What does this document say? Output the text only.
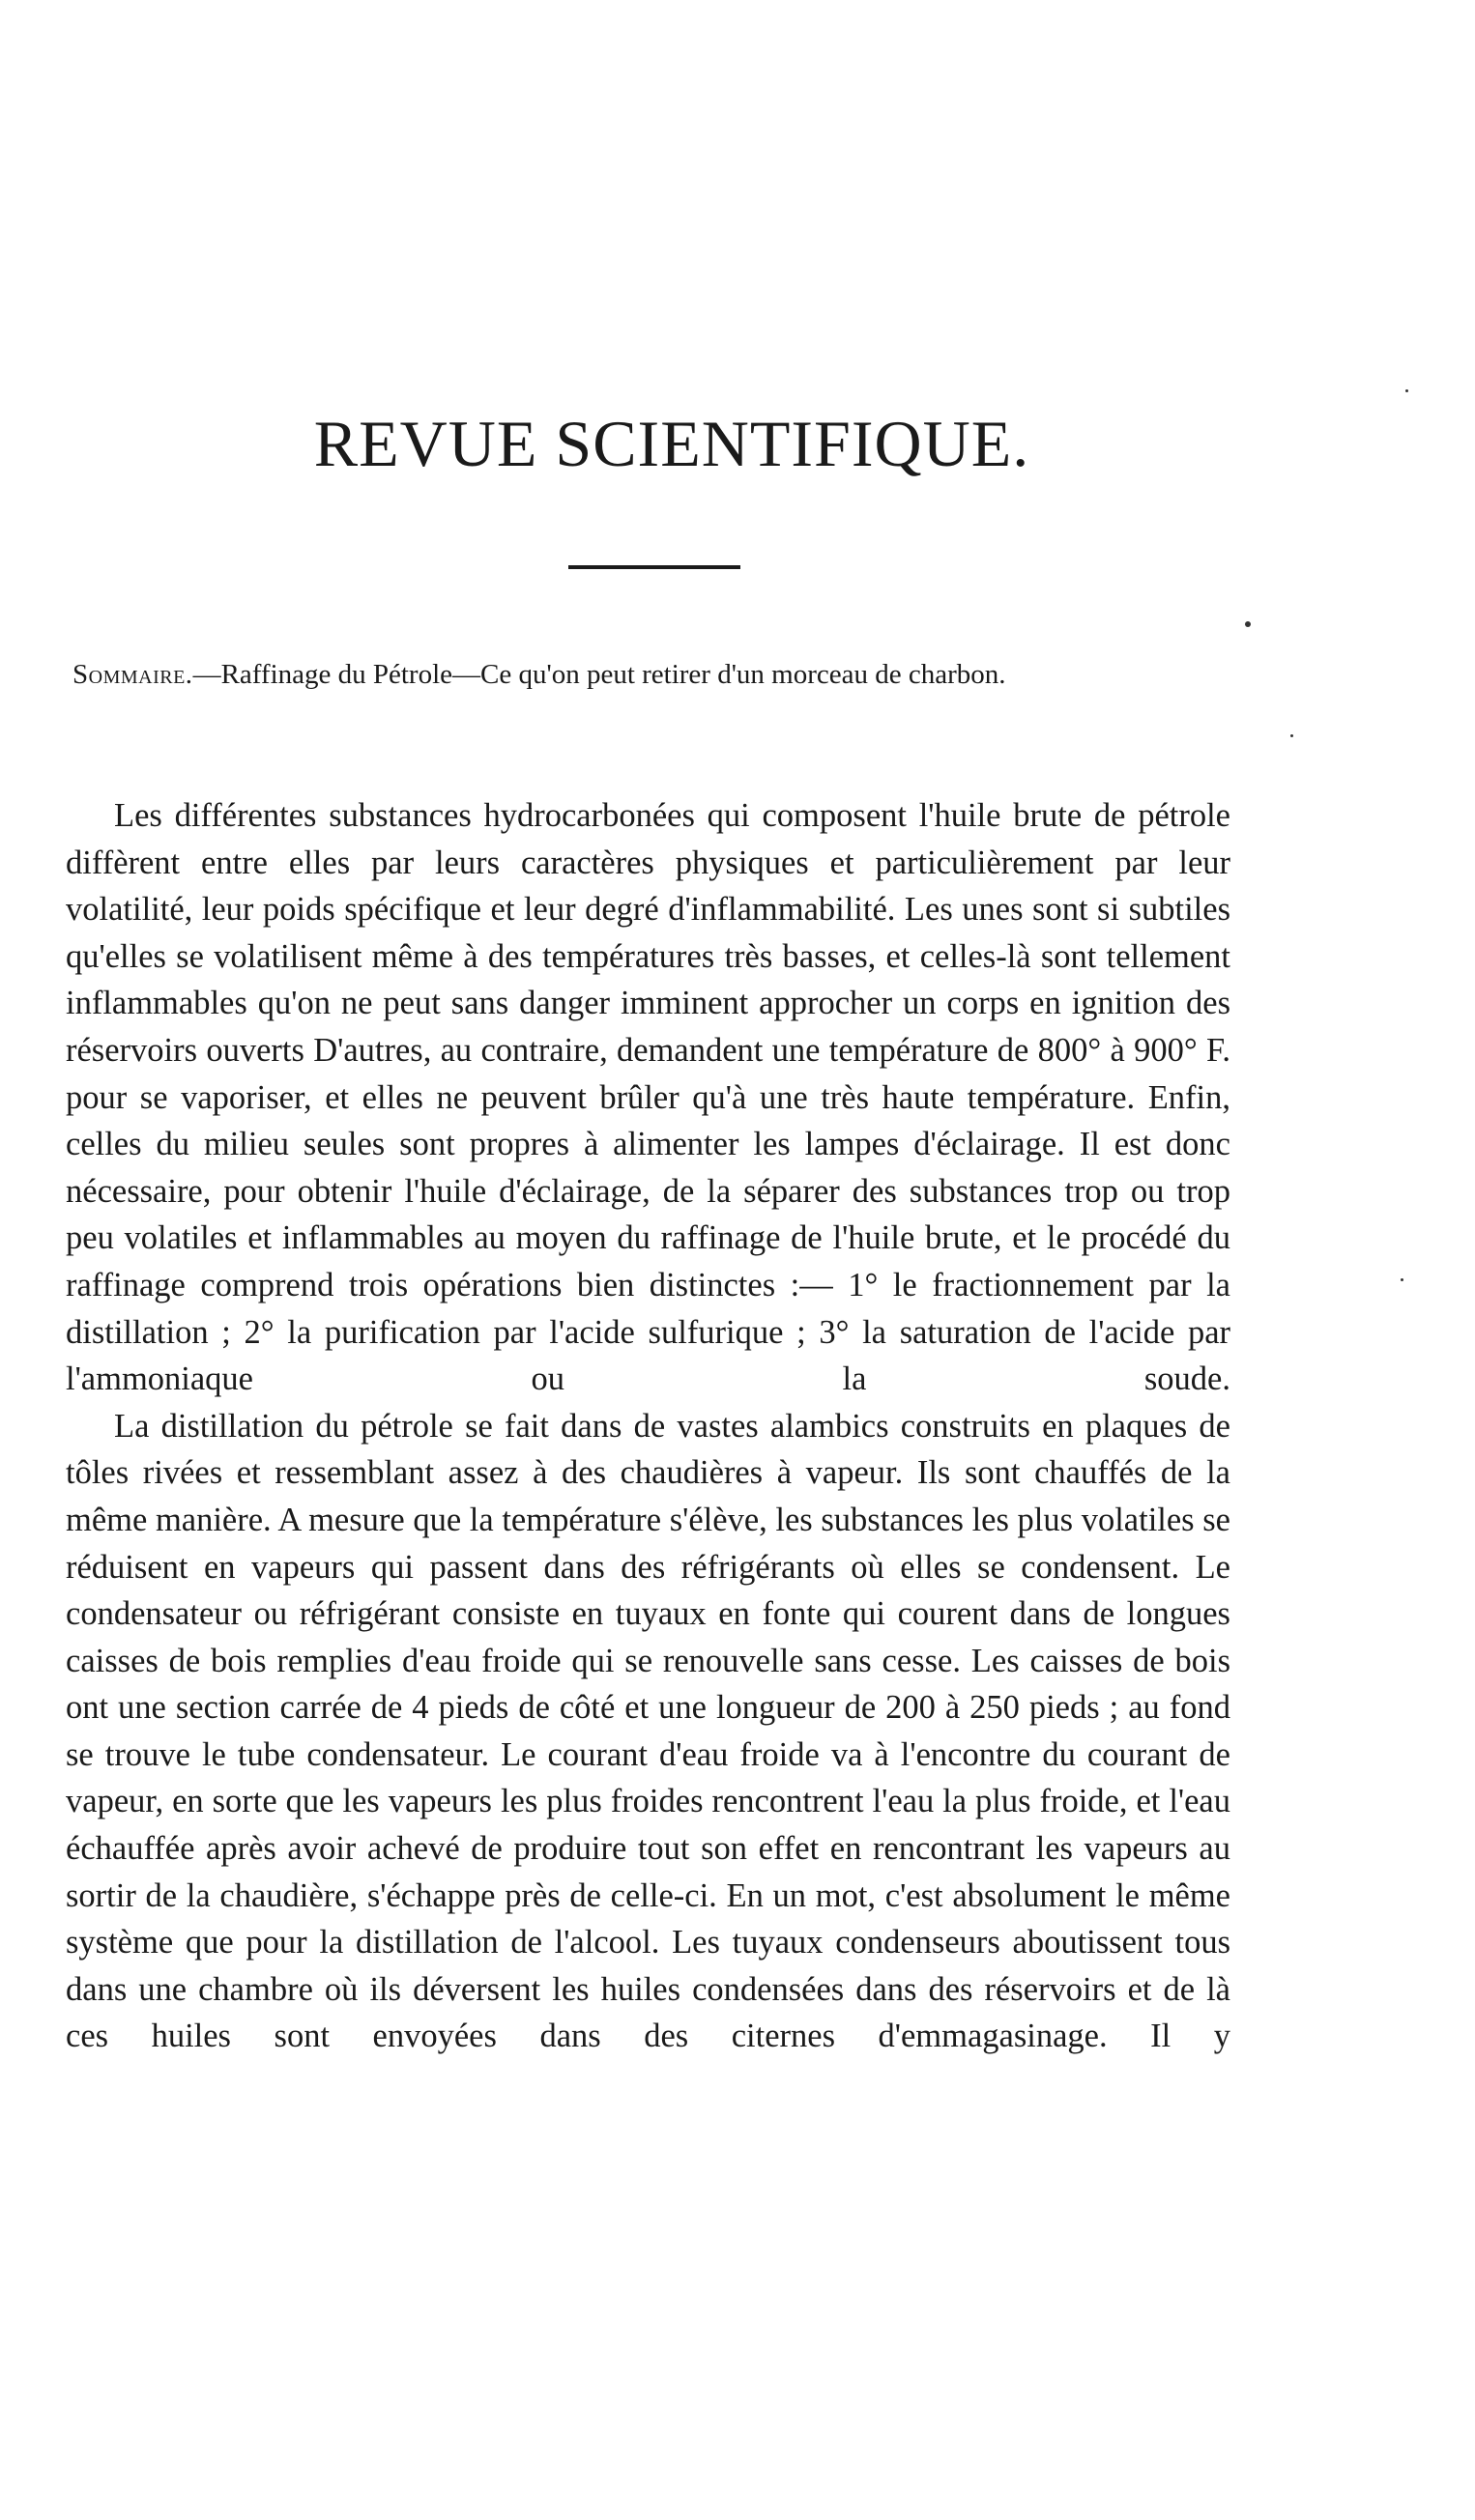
REVUE SCIENTIFIQUE.
Sommaire.—Raffinage du Pétrole—Ce qu'on peut retirer d'un morceau de charbon.

Les différentes substances hydrocarbonées qui composent l'huile brute de pétrole diffèrent entre elles par leurs caractères physiques et particulièrement par leur volatilité, leur poids spécifique et leur degré d'inflammabilité. Les unes sont si subtiles qu'elles se volatilisent même à des températures très basses, et celles-là sont tellement inflammables qu'on ne peut sans danger imminent approcher un corps en ignition des réservoirs ouverts D'autres, au contraire, demandent une température de 800° à 900° F. pour se vaporiser, et elles ne peuvent brûler qu'à une très haute température. Enfin, celles du milieu seules sont propres à alimenter les lampes d'éclairage. Il est donc nécessaire, pour obtenir l'huile d'éclairage, de la séparer des substances trop ou trop peu volatiles et inflammables au moyen du raffinage de l'huile brute, et le procédé du raffinage comprend trois opérations bien distinctes :— 1° le fractionnement par la distillation ; 2° la purification par l'acide sulfurique ; 3° la saturation de l'acide par l'ammoniaque ou la soude.

La distillation du pétrole se fait dans de vastes alambics construits en plaques de tôles rivées et ressemblant assez à des chaudières à vapeur. Ils sont chauffés de la même manière. A mesure que la température s'élève, les substances les plus volatiles se réduisent en vapeurs qui passent dans des réfrigérants où elles se condensent. Le condensateur ou réfrigérant consiste en tuyaux en fonte qui courent dans de longues caisses de bois remplies d'eau froide qui se renouvelle sans cesse. Les caisses de bois ont une section carrée de 4 pieds de côté et une longueur de 200 à 250 pieds ; au fond se trouve le tube condensateur. Le courant d'eau froide va à l'encontre du courant de vapeur, en sorte que les vapeurs les plus froides rencontrent l'eau la plus froide, et l'eau échauffée après avoir achevé de produire tout son effet en rencontrant les vapeurs au sortir de la chaudière, s'échappe près de celle-ci. En un mot, c'est absolument le même système que pour la distillation de l'alcool. Les tuyaux condenseurs aboutissent tous dans une chambre où ils déversent les huiles condensées dans des réservoirs et de là ces huiles sont envoyées dans des citernes d'emmagasinage. Il y
